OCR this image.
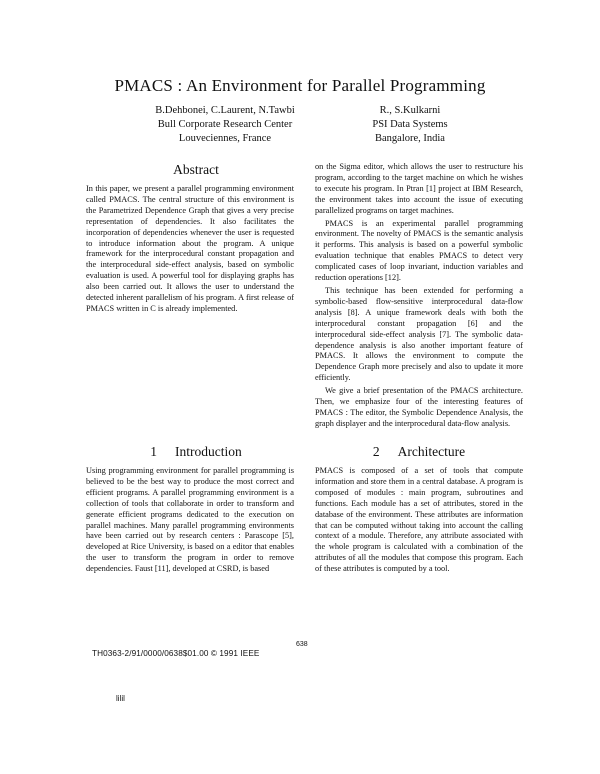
PMACS : An Environment for Parallel Programming
B.Dehbonei, C.Laurent, N.Tawbi
Bull Corporate Research Center
Louveciennes, France
R., S.Kulkarni
PSI Data Systems
Bangalore, India
Abstract

In this paper, we present a parallel programming environment called PMACS. The central structure of this environment is the Parametrized Dependence Graph that gives a very precise representation of dependencies. It also facilitates the incorporation of dependencies whenever the user is requested to introduce information about the program. A unique framework for the interprocedural constant propagation and the interprocedural side-effect analysis, based on symbolic evaluation is used. A powerful tool for displaying graphs has also been carried out. It allows the user to understand the detected inherent parallelism of his program. A first release of PMACS written in C is already implemented.

on the Sigma editor, which allows the user to restructure his program, according to the target machine on which he wishes to execute his program. In Ptran [1] project at IBM Research, the environment takes into account the issue of executing parallelized programs on target machines.

PMACS is an experimental parallel programming environment. The novelty of PMACS is the semantic analysis it performs. This analysis is based on a powerful symbolic evaluation technique that enables PMACS to detect very complicated cases of loop invariant, induction variables and reduction operations [12].

This technique has been extended for performing a symbolic-based flow-sensitive interprocedural data-flow analysis [8]. A unique framework deals with both the interprocedural constant propagation [6] and the interprocedural side-effect analysis [7]. The symbolic data-dependence analysis is also another important feature of PMACS. It allows the environment to compute the Dependence Graph more precisely and also to update it more efficiently.

We give a brief presentation of the PMACS architecture. Then, we emphasize four of the interesting features of PMACS : The editor, the Symbolic Dependence Analysis, the graph displayer and the interprocedural data-flow analysis.

1 Introduction

Using programming environment for parallel programming is believed to be the best way to produce the most correct and efficient programs. A parallel programming environment is a collection of tools that collaborate in order to transform and generate efficient programs dedicated to the execution on parallel machines. Many parallel programming environments have been carried out by research centers : Parascope [5], developed at Rice University, is based on a editor that enables the user to transform the program in order to remove dependencies. Faust [11], developed at CSRD, is based

2 Architecture

PMACS is composed of a set of tools that compute information and store them in a central database. A program is composed of modules : main program, subroutines and functions. Each module has a set of attributes, stored in the database of the environment. These attributes are information that can be computed without taking into account the calling context of a module. Therefore, any attribute associated with the whole program is calculated with a combination of the attributes of all the modules that compose this program. Each of these attributes is computed by a tool.

638
TH0363-2/91/0000/0638$01.00 © 1991 IEEE
lilil
